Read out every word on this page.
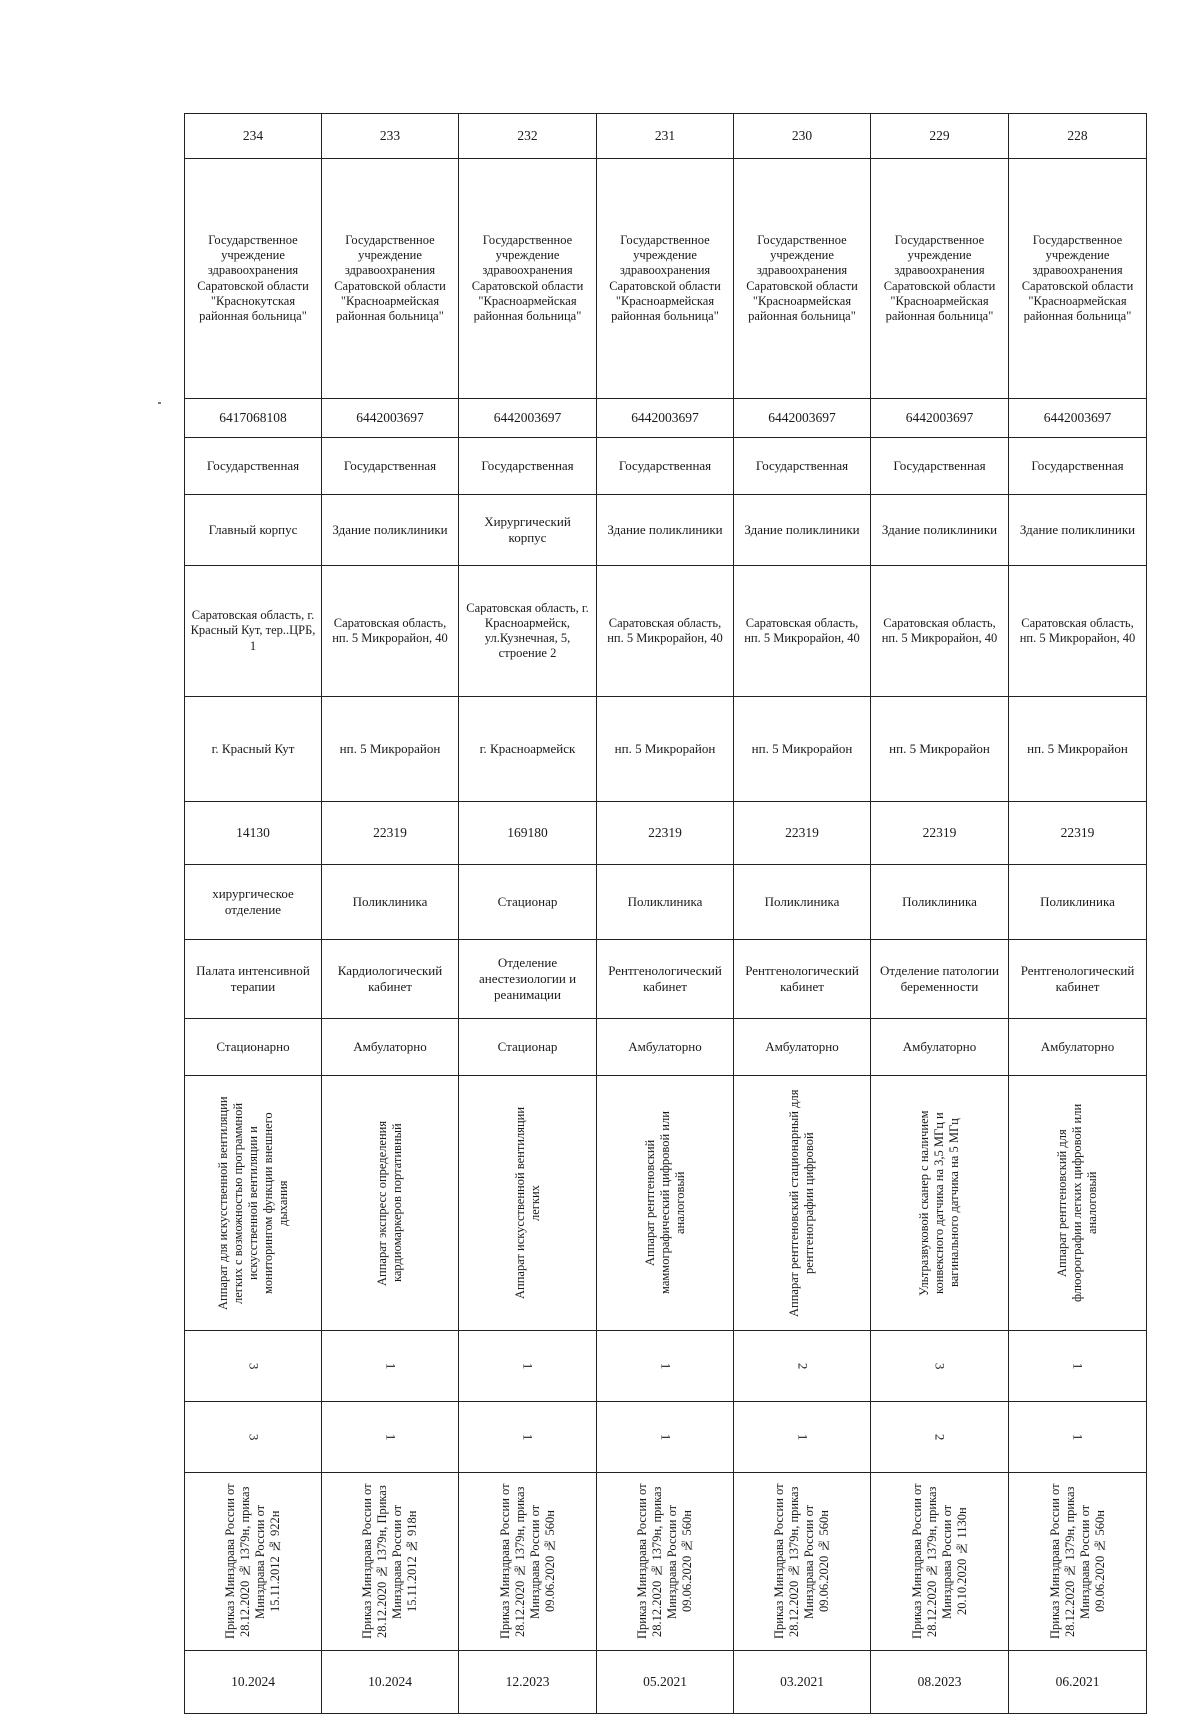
234	233	232	231	230	229	228
Государственное учреждение здравоохранения Саратовской области "Краснокутская районная больница"	Государственное учреждение здравоохранения Саратовской области "Красноармейская районная больница"	Государственное учреждение здравоохранения Саратовской области "Красноармейская районная больница"	Государственное учреждение здравоохранения Саратовской области "Красноармейская районная больница"	Государственное учреждение здравоохранения Саратовской области "Красноармейская районная больница"	Государственное учреждение здравоохранения Саратовской области "Красноармейская районная больница"	Государственное учреждение здравоохранения Саратовской области "Красноармейская районная больница"
6417068108	6442003697	6442003697	6442003697	6442003697	6442003697	6442003697
Государственная	Государственная	Государственная	Государственная	Государственная	Государственная	Государственная
Главный корпус	Здание поликлиники	Хирургический корпус	Здание поликлиники	Здание поликлиники	Здание поликлиники	Здание поликлиники
Саратовская область, г. Красный Кут, тер..ЦРБ, 1	Саратовская область, нп. 5 Микрорайон, 40	Саратовская область, г. Красноармейск, ул.Кузнечная, 5, строение 2	Саратовская область, нп. 5 Микрорайон, 40	Саратовская область, нп. 5 Микрорайон, 40	Саратовская область, нп. 5 Микрорайон, 40	Саратовская область, нп. 5 Микрорайон, 40
г. Красный Кут	нп. 5 Микрорайон	г. Красноармейск	нп. 5 Микрорайон	нп. 5 Микрорайон	нп. 5 Микрорайон	нп. 5 Микрорайон
14130	22319	169180	22319	22319	22319	22319
хирургическое отделение	Поликлиника	Стационар	Поликлиника	Поликлиника	Поликлиника	Поликлиника
Палата интенсивной терапии	Кардиологический кабинет	Отделение анестезиологии и реанимации	Рентгенологический кабинет	Рентгенологический кабинет	Отделение патологии беременности	Рентгенологический кабинет
Стационарно	Амбулаторно	Стационар	Амбулаторно	Амбулаторно	Амбулаторно	Амбулаторно

Аппарат для искусственной вентиляции легких с возможностью программной искусственной вентиляции и мониторингом функции внешнего дыхания	Аппарат экспресс определения кардиомаркеров портативный	Аппарат искусственной вентиляции легких	Аппарат рентгеновский маммографический цифровой или аналоговый	Аппарат рентгеновский стационарный для рентгенографии цифровой	Ультразвуковой сканер с наличием конвексного датчика на 3,5 МГц и вагинального датчика на 5 МГц	Аппарат рентгеновский для флюорографии легких цифровой или аналоговый

3	1	1	1	2	3	1
3	1	1	1	1	2	1

Приказ Минздрава России от 28.12.2020 № 1379н, приказ Минздрава России от 15.11.2012 № 922н	Приказ Минздрава России от 28.12.2020 № 1379н, Приказ Минздрава России от 15.11.2012 № 918н	Приказ Минздрава России от 28.12.2020 № 1379н, приказ Минздрава России от 09.06.2020 № 560н	Приказ Минздрава России от 28.12.2020 № 1379н, приказ Минздрава России от 09.06.2020 № 560н	Приказ Минздрава России от 28.12.2020 № 1379н, приказ Минздрава России от 09.06.2020 № 560н	Приказ Минздрава России от 28.12.2020 № 1379н, приказ Минздрава России от 20.10.2020 № 1130н	Приказ Минздрава России от 28.12.2020 № 1379н, приказ Минздрава России от 09.06.2020 № 560н

10.2024	10.2024	12.2023	05.2021	03.2021	08.2023	06.2021
